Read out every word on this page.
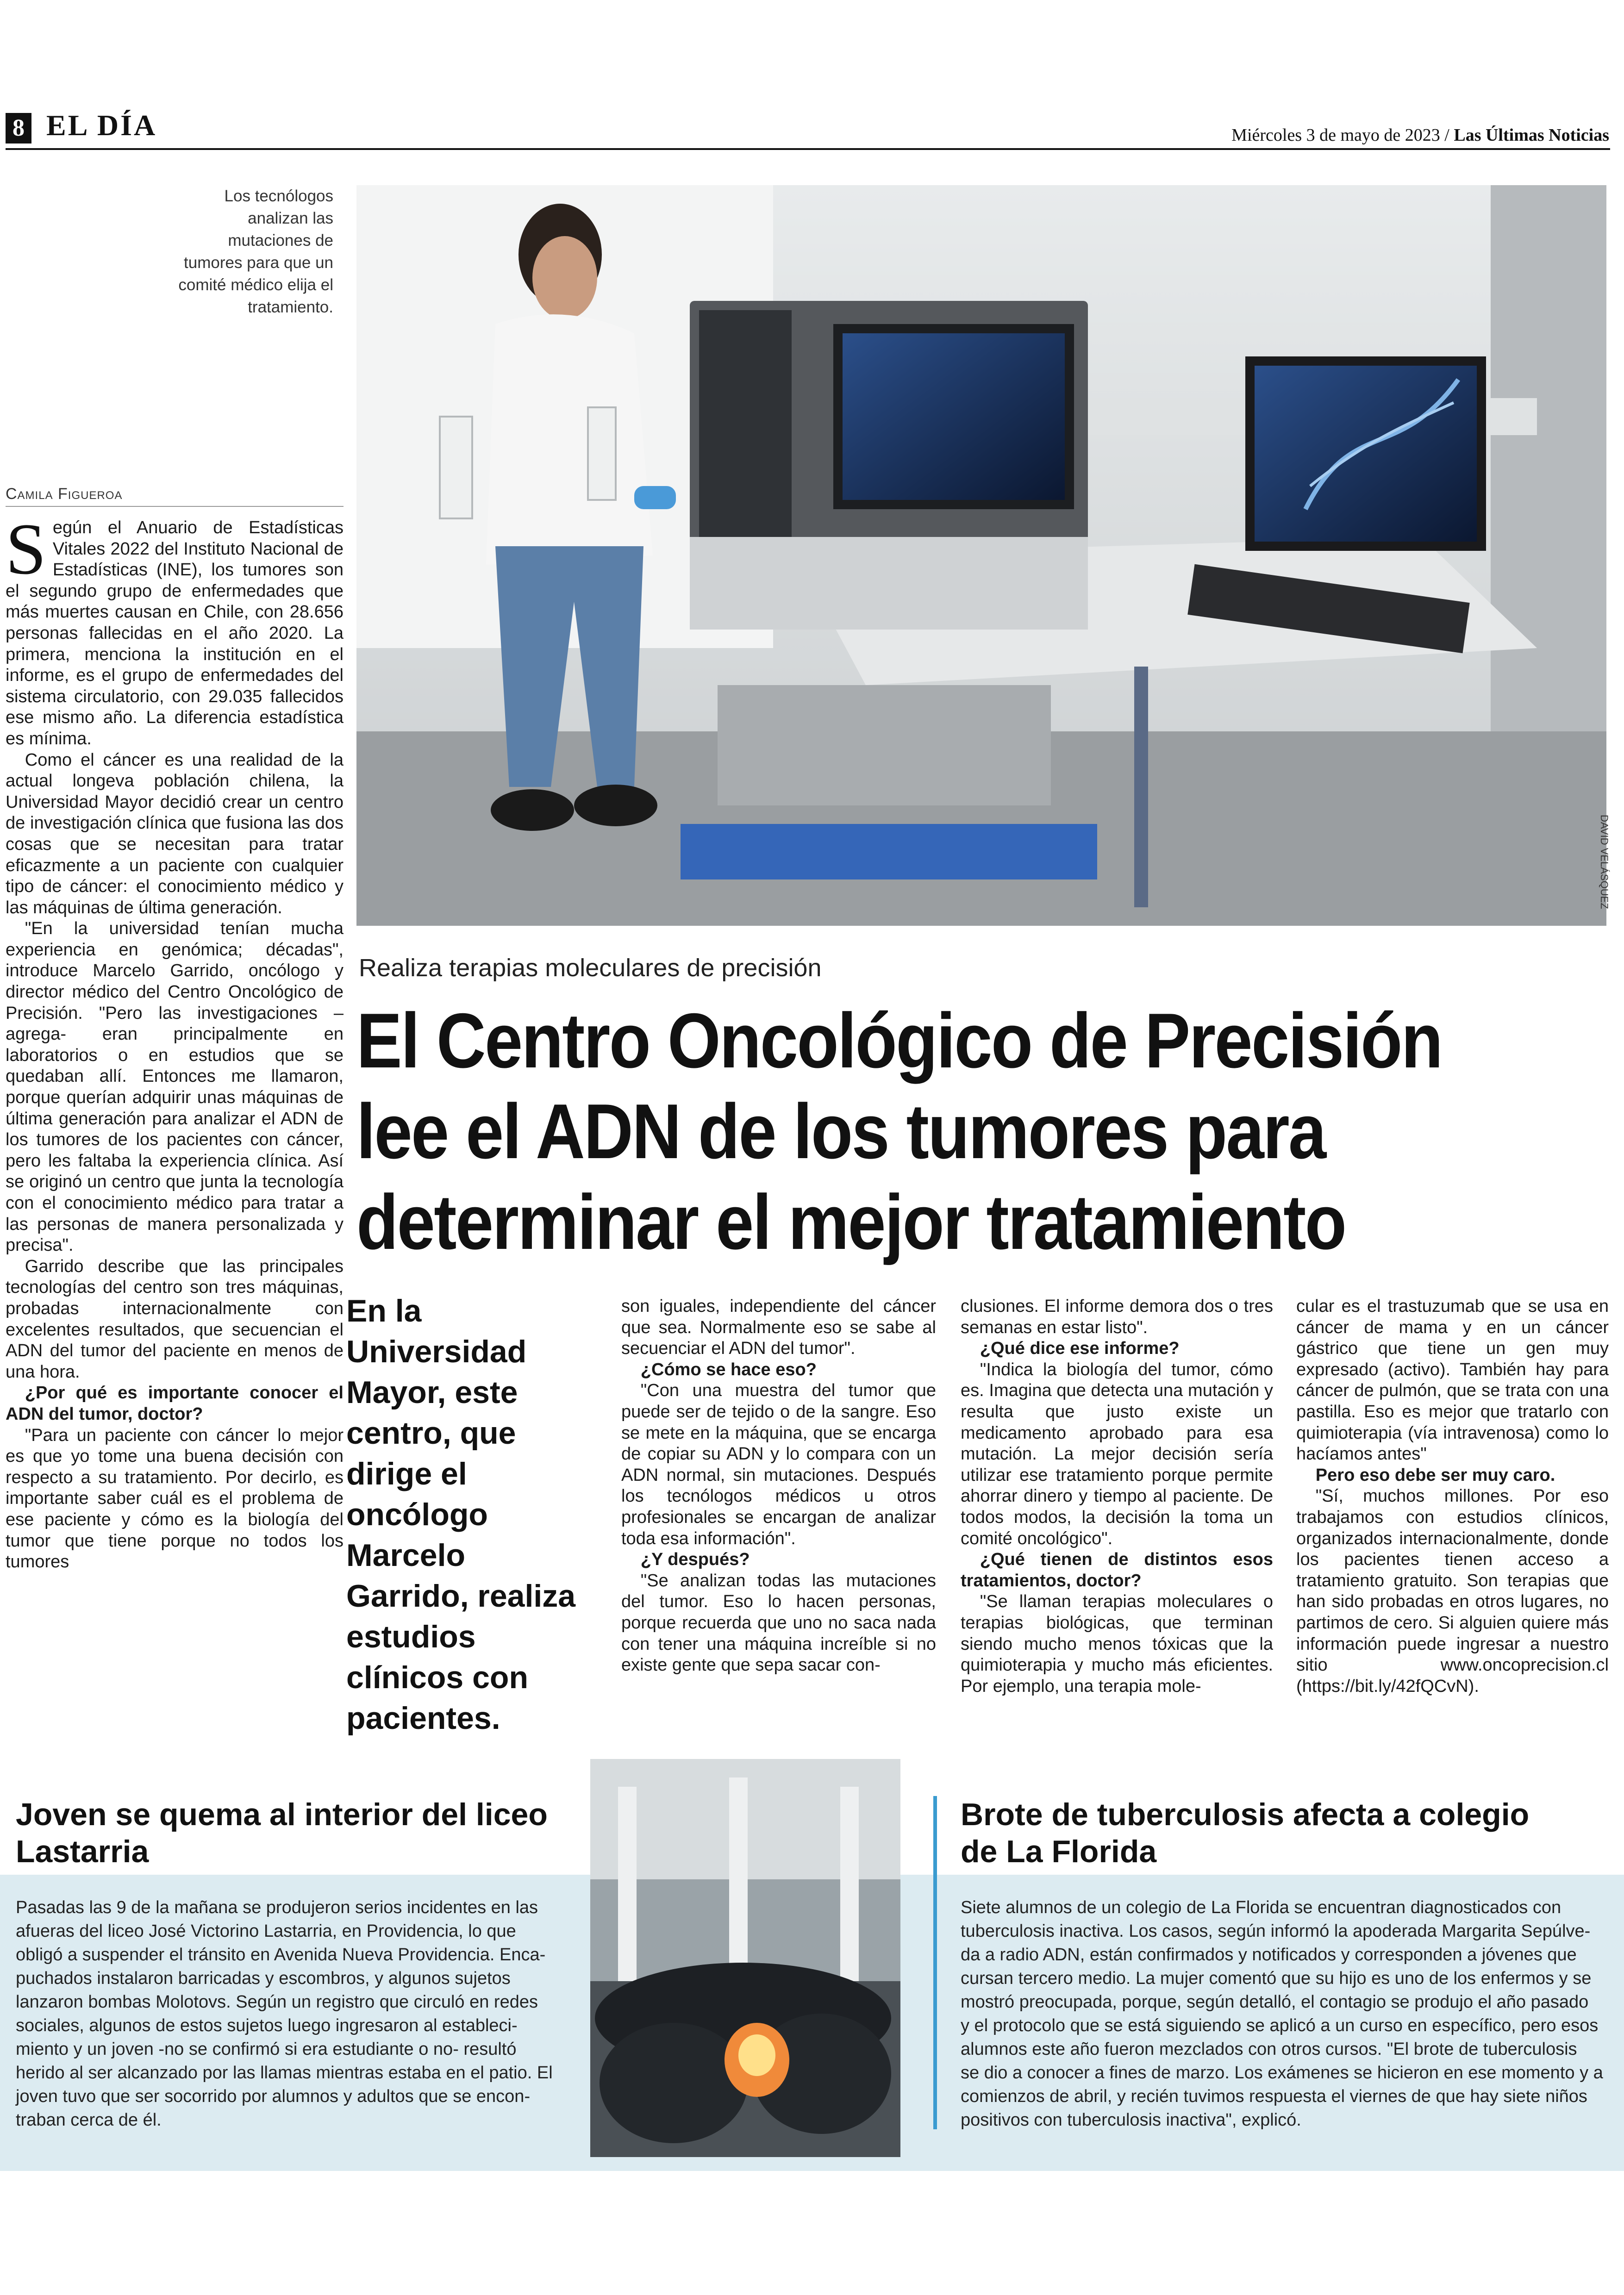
8 EL DÍA	Miércoles 3 de mayo de 2023 / Las Últimas Noticias
Los tecnólogos analizan las mutaciones de tumores para que un comité médico elija el tratamiento.
DAVID VELÁSQUEZ
Camila Figueroa

Según el Anuario de Estadísticas Vitales 2022 del Instituto Nacional de Estadísticas (INE), los tumores son el segundo grupo de enfermedades que más muertes causan en Chile, con 28.656 personas fallecidas en el año 2020. La primera, menciona la institución en el informe, es el grupo de enfermedades del sistema circulatorio, con 29.035 fallecidos ese mismo año. La diferencia estadística es mínima.

Como el cáncer es una realidad de la actual longeva población chilena, la Universidad Mayor decidió crear un centro de investigación clínica que fusiona las dos cosas que se necesitan para tratar eficazmente a un paciente con cualquier tipo de cáncer: el conocimiento médico y las máquinas de última generación.

"En la universidad tenían mucha experiencia en genómica; décadas", introduce Marcelo Garrido, oncólogo y director médico del Centro Oncológico de Precisión. "Pero las investigaciones –agrega- eran principalmente en laboratorios o en estudios que se quedaban allí. Entonces me llamaron, porque querían adquirir unas máquinas de última generación para analizar el ADN de los tumores de los pacientes con cáncer, pero les faltaba la experiencia clínica. Así se originó un centro que junta la tecnología con el conocimiento médico para tratar a las personas de manera personalizada y precisa".

Garrido describe que las principales tecnologías del centro son tres máquinas, probadas internacionalmente con excelentes resultados, que secuencian el ADN del tumor del paciente en menos de una hora.

¿Por qué es importante conocer el ADN del tumor, doctor?

"Para un paciente con cáncer lo mejor es que yo tome una buena decisión con respecto a su tratamiento. Por decirlo, es importante saber cuál es el problema de ese paciente y cómo es la biología del tumor que tiene porque no todos los tumores

Realiza terapias moleculares de precisión
El Centro Oncológico de Precisión
lee el ADN de los tumores para
determinar el mejor tratamiento
En la Universidad Mayor, este centro, que dirige el oncólogo Marcelo Garrido, realiza estudios clínicos con pacientes.

son iguales, independiente del cáncer que sea. Normalmente eso se sabe al secuenciar el ADN del tumor".

¿Cómo se hace eso?

"Con una muestra del tumor que puede ser de tejido o de la sangre. Eso se mete en la máquina, que se encarga de copiar su ADN y lo compara con un ADN normal, sin mutaciones. Después los tecnólogos médicos u otros profesionales se encargan de analizar toda esa información".

¿Y después?

"Se analizan todas las mutaciones del tumor. Eso lo hacen personas, porque recuerda que uno no saca nada con tener una máquina increíble si no existe gente que sepa sacar con-

clusiones. El informe demora dos o tres semanas en estar listo".

¿Qué dice ese informe?

"Indica la biología del tumor, cómo es. Imagina que detecta una mutación y resulta que justo existe un medicamento aprobado para esa mutación. La mejor decisión sería utilizar ese tratamiento porque permite ahorrar dinero y tiempo al paciente. De todos modos, la decisión la toma un comité oncológico".

¿Qué tienen de distintos esos tratamientos, doctor?

"Se llaman terapias moleculares o terapias biológicas, que terminan siendo mucho menos tóxicas que la quimioterapia y mucho más eficientes. Por ejemplo, una terapia mole-

cular es el trastuzumab que se usa en cáncer de mama y en un cáncer gástrico que tiene un gen muy expresado (activo). También hay para cáncer de pulmón, que se trata con una pastilla. Eso es mejor que tratarlo con quimioterapia (vía intravenosa) como lo hacíamos antes"

Pero eso debe ser muy caro.

"Sí, muchos millones. Por eso trabajamos con estudios clínicos, organizados internacionalmente, donde los pacientes tienen acceso a tratamiento gratuito. Son terapias que han sido probadas en otros lugares, no partimos de cero. Si alguien quiere más información puede ingresar a nuestro sitio www.oncoprecision.cl (https://bit.ly/42fQCvN).

Joven se quema al interior del liceo Lastarria
Pasadas las 9 de la mañana se produjeron serios incidentes en las
afueras del liceo José Victorino Lastarria, en Providencia, lo que
obligó a suspender el tránsito en Avenida Nueva Providencia. Enca-
puchados instalaron barricadas y escombros, y algunos sujetos
lanzaron bombas Molotovs. Según un registro que circuló en redes
sociales, algunos de estos sujetos luego ingresaron al estableci-
miento y un joven -no se confirmó si era estudiante o no- resultó
herido al ser alcanzado por las llamas mientras estaba en el patio. El
joven tuvo que ser socorrido por alumnos y adultos que se encon-
traban cerca de él.
Brote de tuberculosis afecta a colegio de La Florida
Siete alumnos de un colegio de La Florida se encuentran diagnosticados con
tuberculosis inactiva. Los casos, según informó la apoderada Margarita Sepúlve-
da a radio ADN, están confirmados y notificados y corresponden a jóvenes que
cursan tercero medio. La mujer comentó que su hijo es uno de los enfermos y se
mostró preocupada, porque, según detalló, el contagio se produjo el año pasado
y el protocolo que se está siguiendo se aplicó a un curso en específico, pero esos
alumnos este año fueron mezclados con otros cursos. "El brote de tuberculosis
se dio a conocer a fines de marzo. Los exámenes se hicieron en ese momento y a
comienzos de abril, y recién tuvimos respuesta el viernes de que hay siete niños
positivos con tuberculosis inactiva", explicó.
